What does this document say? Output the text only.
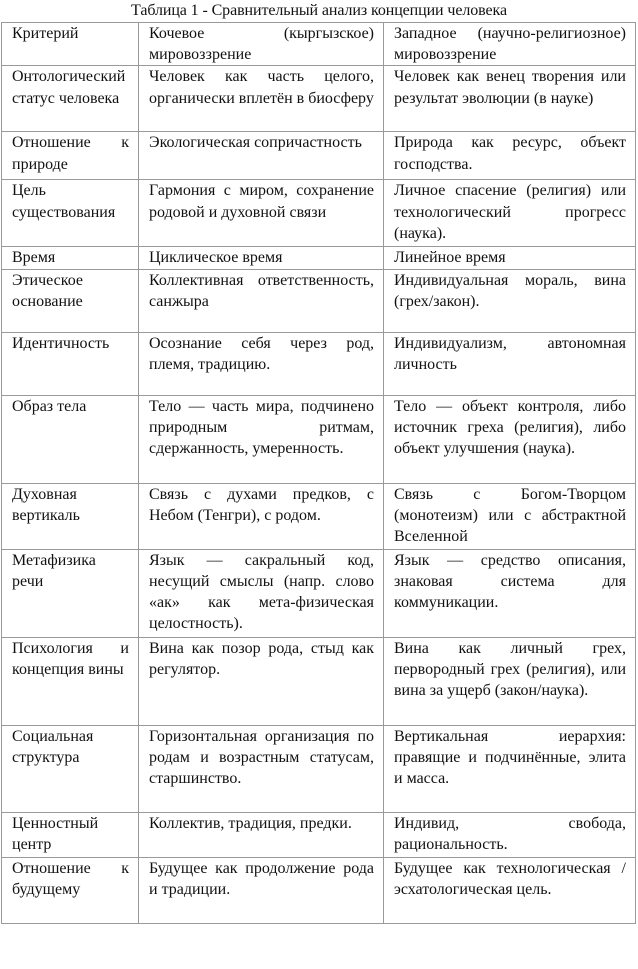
Таблица 1 - Сравнительный анализ концепции человека
Критерий	Кочевое (кыргызское) мировоззрение	Западное (научно-религиозное) мировоззрение
Онтологический статус человека	Человек как часть целого, органически вплетён в биосферу	Человек как венец творения или результат эволюции (в науке)
Отношение к природе	Экологическая сопричастность	Природа как ресурс, объект господства.
Цель существования	Гармония с миром, сохранение родовой и духовной связи	Личное спасение (религия) или технологический прогресс (наука).
Время	Циклическое время	Линейное время
Этическое основание	Коллективная ответственность, санжыра	Индивидуальная мораль, вина (грех/закон).
Идентичность	Осознание себя через род, племя, традицию.	Индивидуализм, автономная личность
Образ тела	Тело — часть мира, подчинено природным ритмам, сдержанность, умеренность.	Тело — объект контроля, либо источник греха (религия), либо объект улучшения (наука).
Духовная вертикаль	Связь с духами предков, с Небом (Тенгри), с родом.	Связь с Богом-Творцом (монотеизм) или с абстрактной Вселенной
Метафизика речи	Язык — сакральный код, несущий смыслы (напр. слово «ак» как мета-физическая целостность).	Язык — средство описания, знаковая система для коммуникации.
Психология и концепция вины	Вина как позор рода, стыд как регулятор.	Вина как личный грех, первородный грех (религия), или вина за ущерб (закон/наука).
Социальная структура	Горизонтальная организация по родам и возрастным статусам, старшинство.	Вертикальная иерархия: правящие и подчинённые, элита и масса.
Ценностный центр	Коллектив, традиция, предки.	Индивид, свобода, рациональность.
Отношение к будущему	Будущее как продолжение рода и традиции.	Будущее как технологическая / эсхатологическая цель.
